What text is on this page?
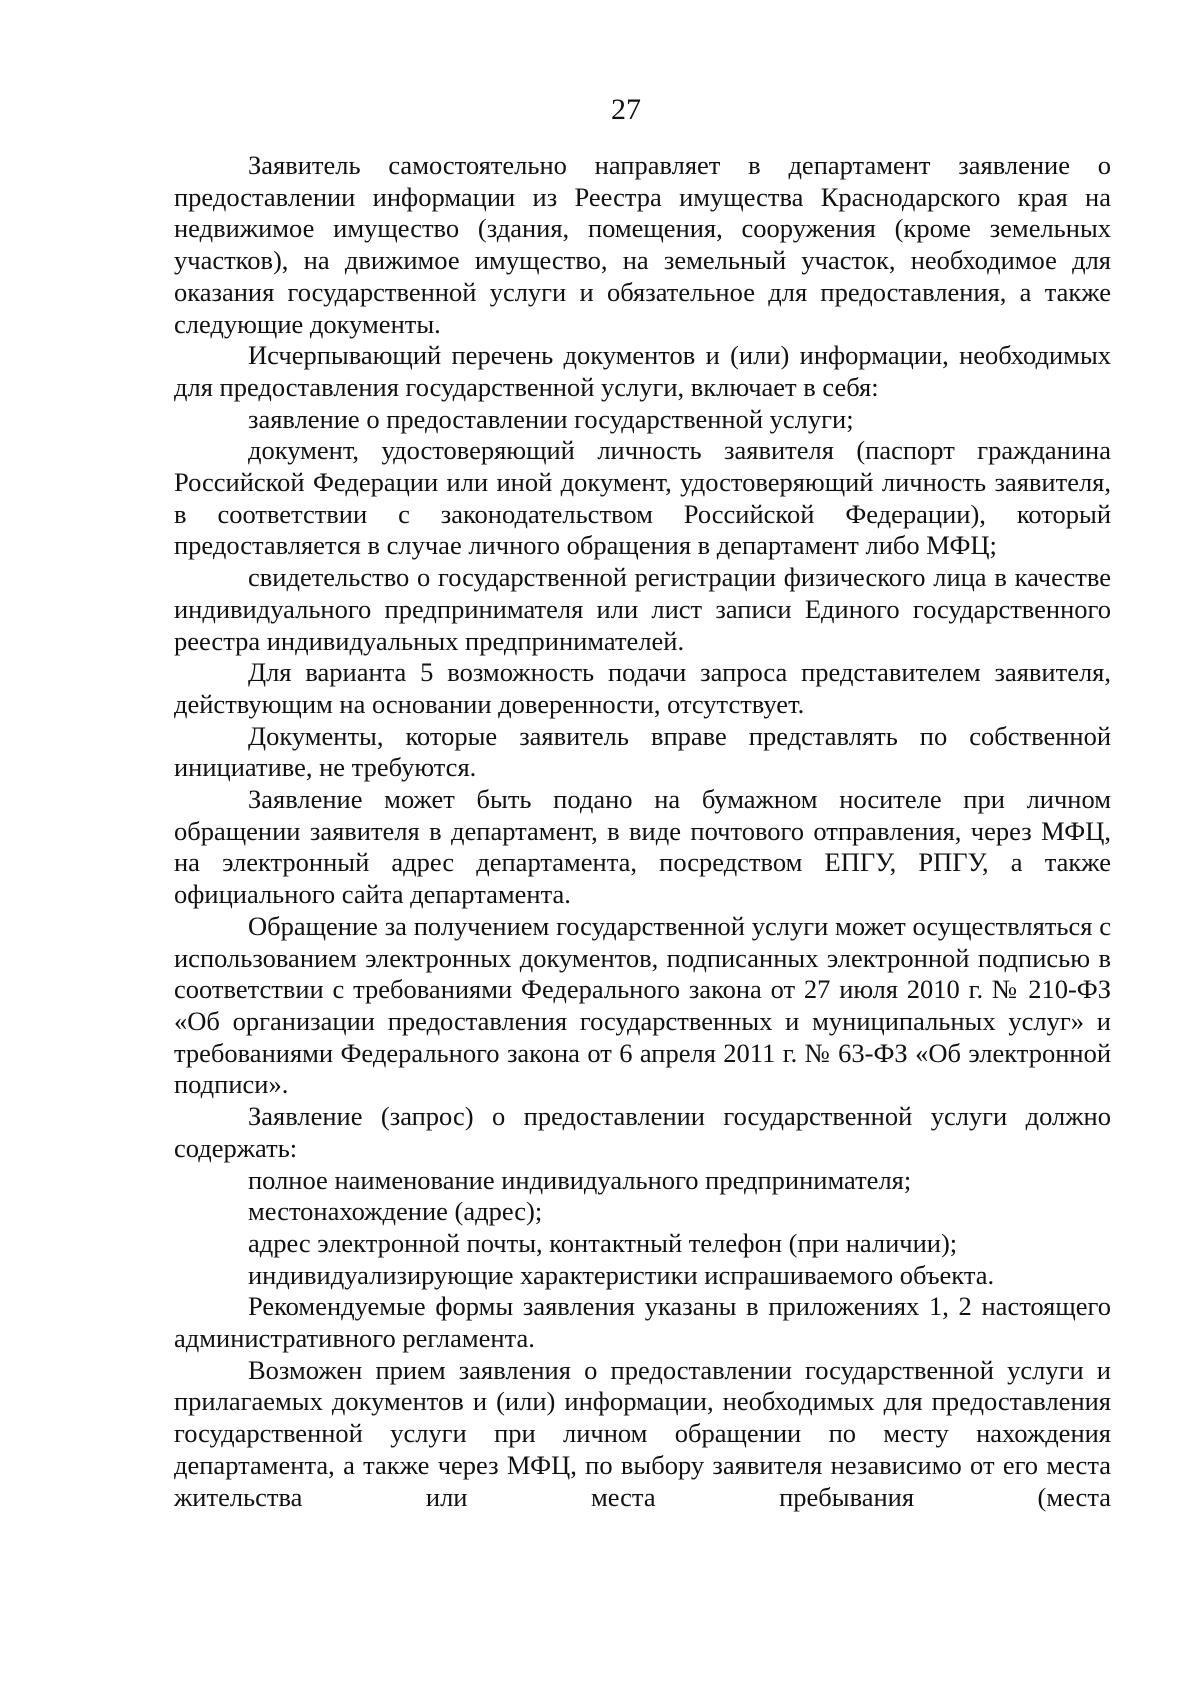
27

Заявитель самостоятельно направляет в департамент заявление о предоставлении информации из Реестра имущества Краснодарского края на недвижимое имущество (здания, помещения, сооружения (кроме земельных участков), на движимое имущество, на земельный участок, необходимое для оказания государственной услуги и обязательное для предоставления, а также следующие документы.

Исчерпывающий перечень документов и (или) информации, необходимых для предоставления государственной услуги, включает в себя:

заявление о предоставлении государственной услуги;

документ, удостоверяющий личность заявителя (паспорт гражданина Российской Федерации или иной документ, удостоверяющий личность заявителя, в соответствии с законодательством Российской Федерации), который предоставляется в случае личного обращения в департамент либо МФЦ;

свидетельство о государственной регистрации физического лица в качестве индивидуального предпринимателя или лист записи Единого государственного реестра индивидуальных предпринимателей.

Для варианта 5 возможность подачи запроса представителем заявителя, действующим на основании доверенности, отсутствует.

Документы, которые заявитель вправе представлять по собственной инициативе, не требуются.

Заявление может быть подано на бумажном носителе при личном обращении заявителя в департамент, в виде почтового отправления, через МФЦ, на электронный адрес департамента, посредством ЕПГУ, РПГУ, а также официального сайта департамента.

Обращение за получением государственной услуги может осуществляться с использованием электронных документов, подписанных электронной подписью в соответствии с требованиями Федерального закона от 27 июля 2010 г. № 210-ФЗ «Об организации предоставления государственных и муниципальных услуг» и требованиями Федерального закона от 6 апреля 2011 г. № 63-ФЗ «Об электронной подписи».

Заявление (запрос) о предоставлении государственной услуги должно содержать:

полное наименование индивидуального предпринимателя;

местонахождение (адрес);

адрес электронной почты, контактный телефон (при наличии);

индивидуализирующие характеристики испрашиваемого объекта.

Рекомендуемые формы заявления указаны в приложениях 1, 2 настоящего административного регламента.

Возможен прием заявления о предоставлении государственной услуги и прилагаемых документов и (или) информации, необходимых для предоставления государственной услуги при личном обращении по месту нахождения департамента, а также через МФЦ, по выбору заявителя независимо от его места жительства или места пребывания (места
